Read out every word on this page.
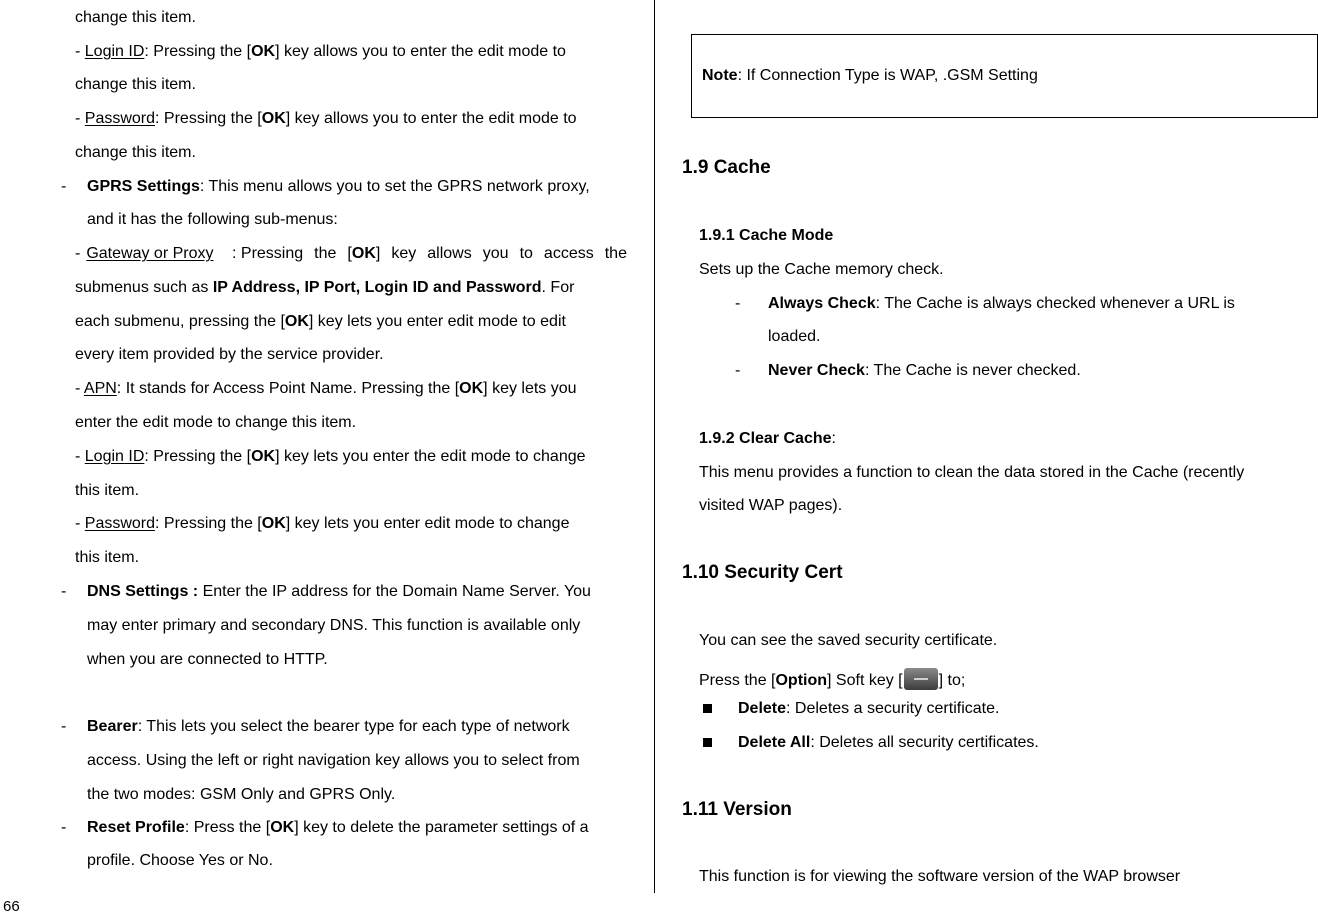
change this item.
- Login ID: Pressing the [OK] key allows you to enter the edit mode to
change this item.
- Password: Pressing the [OK] key allows you to enter the edit mode to
change this item.
- GPRS Settings: This menu allows you to set the GPRS network proxy,
and it has the following sub-menus:
- Gateway or Proxy : Pressing the [OK] key allows you to access the
submenus such as IP Address, IP Port, Login ID and Password. For
each submenu, pressing the [OK] key lets you enter edit mode to edit
every item provided by the service provider.
- APN: It stands for Access Point Name. Pressing the [OK] key lets you
enter the edit mode to change this item.
- Login ID: Pressing the [OK] key lets you enter the edit mode to change
this item.
- Password: Pressing the [OK] key lets you enter edit mode to change
this item.
- DNS Settings : Enter the IP address for the Domain Name Server. You
may enter primary and secondary DNS. This function is available only
when you are connected to HTTP.
- Bearer: This lets you select the bearer type for each type of network
access. Using the left or right navigation key allows you to select from
the two modes: GSM Only and GPRS Only.
- Reset Profile: Press the [OK] key to delete the parameter settings of a
profile. Choose Yes or No.
66
Note: If Connection Type is WAP, .GSM Setting
1.9 Cache
1.9.1 Cache Mode
Sets up the Cache memory check.
- Always Check: The Cache is always checked whenever a URL is
loaded.
- Never Check: The Cache is never checked.
1.9.2 Clear Cache:
This menu provides a function to clean the data stored in the Cache (recently
visited WAP pages).
1.10 Security Cert
You can see the saved security certificate.
Press the [Option] Soft key [ ] to;
Delete: Deletes a security certificate.
Delete All: Deletes all security certificates.
1.11 Version
This function is for viewing the software version of the WAP browser
